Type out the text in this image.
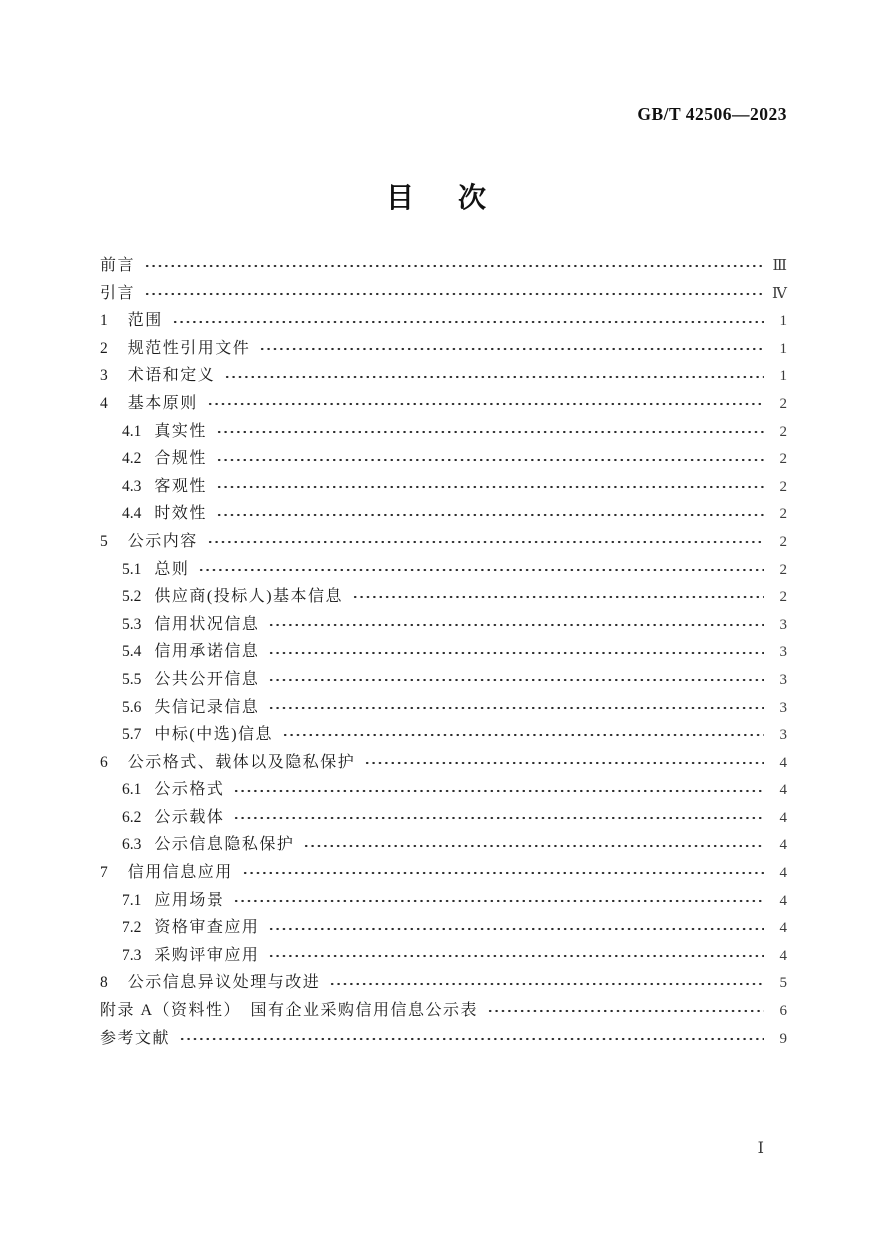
GB/T 42506—2023
目　次
前言	Ⅲ
引言	Ⅳ
1 范围	1
2 规范性引用文件	1
3 术语和定义	1
4 基本原则	2
4.1 真实性	2
4.2 合规性	2
4.3 客观性	2
4.4 时效性	2
5 公示内容	2
5.1 总则	2
5.2 供应商(投标人)基本信息	2
5.3 信用状况信息	3
5.4 信用承诺信息	3
5.5 公共公开信息	3
5.6 失信记录信息	3
5.7 中标(中选)信息	3
6 公示格式、载体以及隐私保护	4
6.1 公示格式	4
6.2 公示载体	4
6.3 公示信息隐私保护	4
7 信用信息应用	4
7.1 应用场景	4
7.2 资格审查应用	4
7.3 采购评审应用	4
8 公示信息异议处理与改进	5
附录 A（资料性）　国有企业采购信用信息公示表	6
参考文献	9
Ⅰ
